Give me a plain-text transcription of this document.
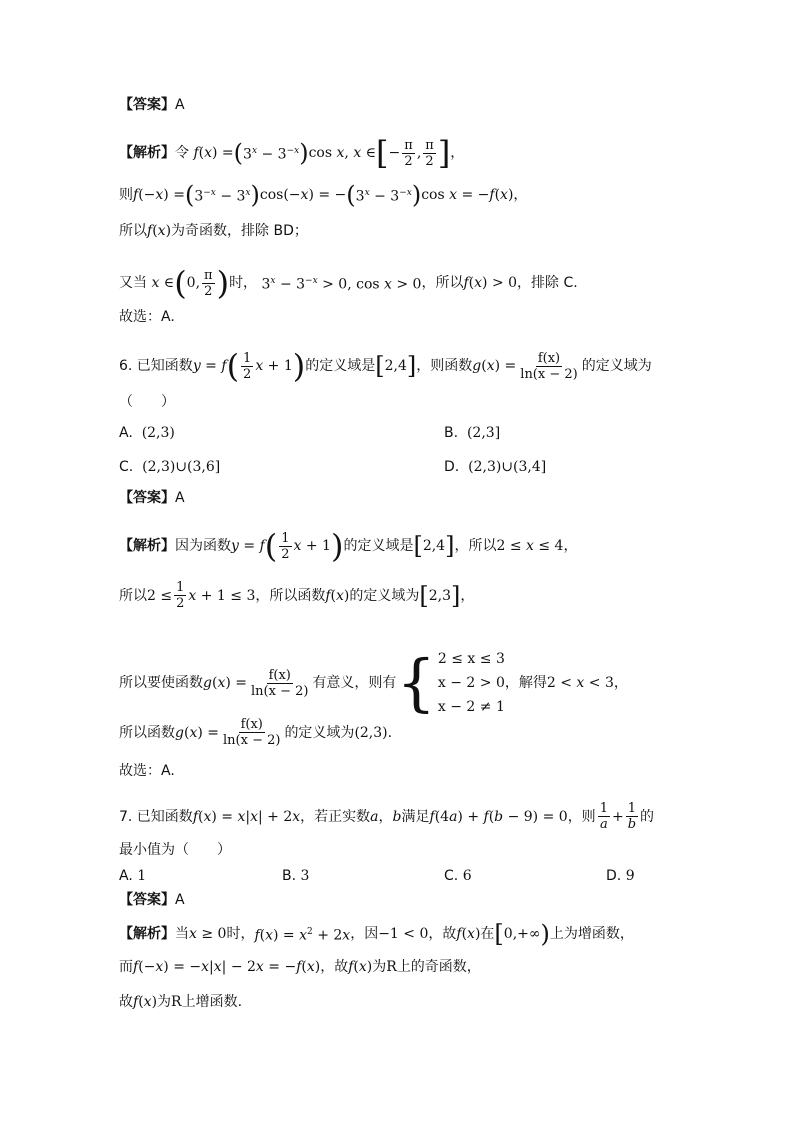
【答案】 A
【解析】 令 f(x) = ( $3^x - 3^{-x}$ ) cos x, x ∈ [ − $\frac{\pi}{2}$ , $\frac{\pi}{2}$ ] ，
则 f(−x) = ( $3^{-x} - 3^x$ ) cos(−x) = − ( $3^x - 3^{-x}$ ) cos x = −f(x) ，
所以 f(x) 为奇函数，排除 BD；
又当 x ∈ ( 0, $\frac{\pi}{2}$ ) 时， $3^x - 3^{-x} > 0$, cos x > 0 ，所以 f(x) > 0 ，排除 C.
故选：A.
6. 已知函数 y = f ( $\frac{1}{2}$ x + 1 ) 的定义域是 [ 2,4 ] ，则函数 $g(x) = \frac{f(x)}{\ln(x - 2)}$ 的定义域为
（　　）
A. (2,3)	B. (2,3]
C. (2,3)∪(3,6]	D. (2,3)∪(3,4]
【答案】 A
【解析】 因为函数 y = f ( $\frac{1}{2}$ x + 1 ) 的定义域是 [ 2,4 ] ，所以 2 ≤ x ≤ 4 ，
所以 $2 \le \frac{1}{2}$ x + 1 ≤ 3 ，所以函数 f(x) 的定义域为 [ 2,3 ] ，
所以要使函数 $g(x) = \frac{f(x)}{\ln(x - 2)}$ 有意义，则有 { 2 ≤ x ≤ 3
x − 2 > 0
x − 2 ≠ 1
，解得 2 < x < 3 ，
所以函数 $g(x) = \frac{f(x)}{\ln(x - 2)}$ 的定义域为 (2,3).
故选：A.
7. 已知函数 f(x) = x|x| + 2x ，若正实数 a ， b 满足 f(4a) + f(b − 9) = 0 ，则 $\frac{1}{a} + \frac{1}{b}$ 的
最小值为（　　）
A. 1	B. 3	C. 6	D. 9
【答案】 A
【解析】 当 x ≥ 0 时， $f(x) = x^2 + 2x$ ，因 −1 < 0 ，故 f(x) 在 [ 0,+∞ ) 上为增函数，
而 f(−x) = −x|x| − 2x = −f(x) ，故 f(x) 为 R 上的奇函数，
故 f(x) 为 R 上增函数.
